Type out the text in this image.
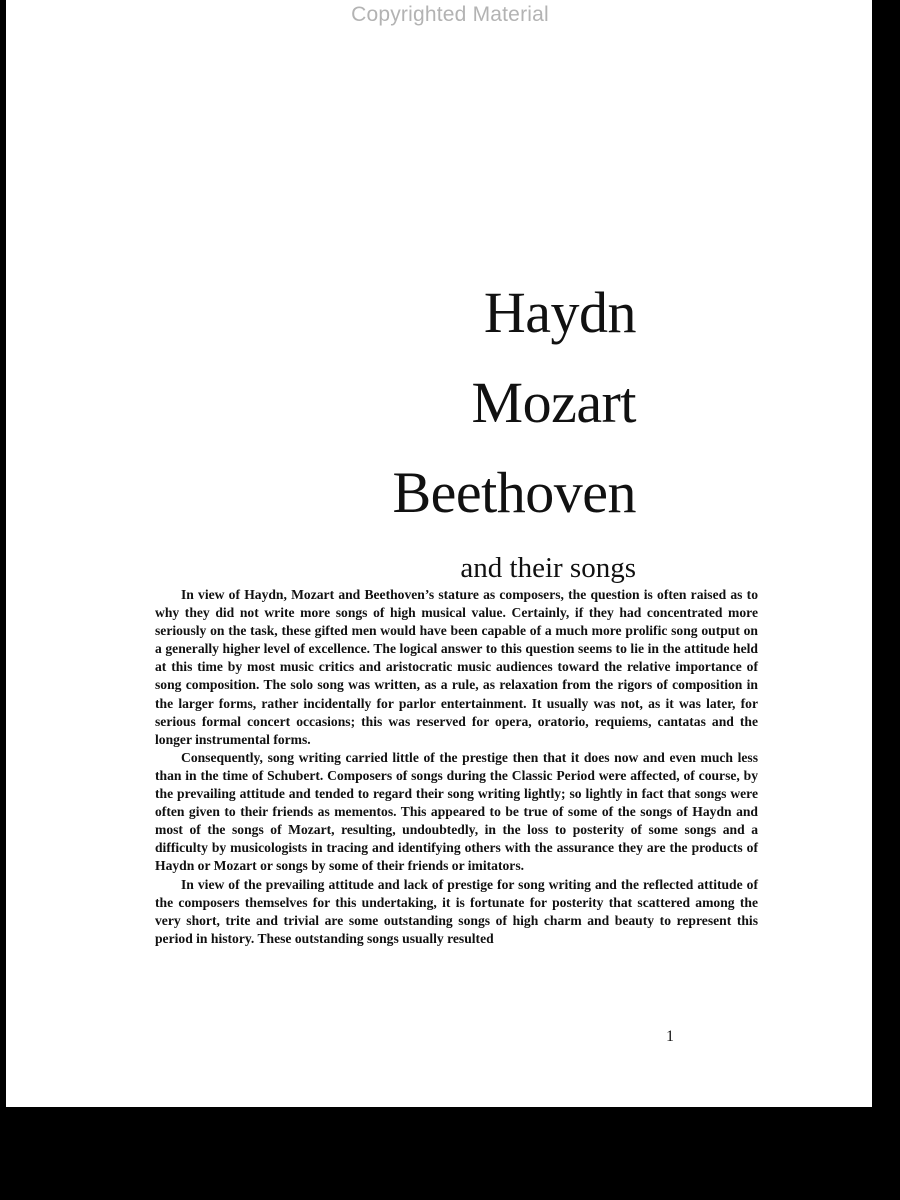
Haydn
Mozart
Beethoven
and their songs

In view of Haydn, Mozart and Beethoven’s stature as composers, the question is often raised as to why they did not write more songs of high musical value. Certainly, if they had concentrated more seriously on the task, these gifted men would have been capable of a much more prolific song output on a generally higher level of excellence. The logical answer to this question seems to lie in the attitude held at this time by most music critics and aristocratic music audiences toward the relative importance of song composition. The solo song was written, as a rule, as relaxation from the rigors of composition in the larger forms, rather incidentally for parlor entertainment. It usually was not, as it was later, for serious formal concert occasions; this was reserved for opera, oratorio, requiems, cantatas and the longer instrumental forms.

Consequently, song writing carried little of the prestige then that it does now and even much less than in the time of Schubert. Composers of songs during the Classic Period were affected, of course, by the prevailing attitude and tended to regard their song writing lightly; so lightly in fact that songs were often given to their friends as mementos. This appeared to be true of some of the songs of Haydn and most of the songs of Mozart, resulting, undoubtedly, in the loss to posterity of some songs and a difficulty by musicologists in tracing and identifying others with the assurance they are the products of Haydn or Mozart or songs by some of their friends or imitators.

In view of the prevailing attitude and lack of prestige for song writing and the reflected attitude of the composers themselves for this undertaking, it is fortunate for posterity that scattered among the very short, trite and trivial are some outstanding songs of high charm and beauty to represent this period in history. These outstanding songs usually resulted

1
Copyrighted Material
